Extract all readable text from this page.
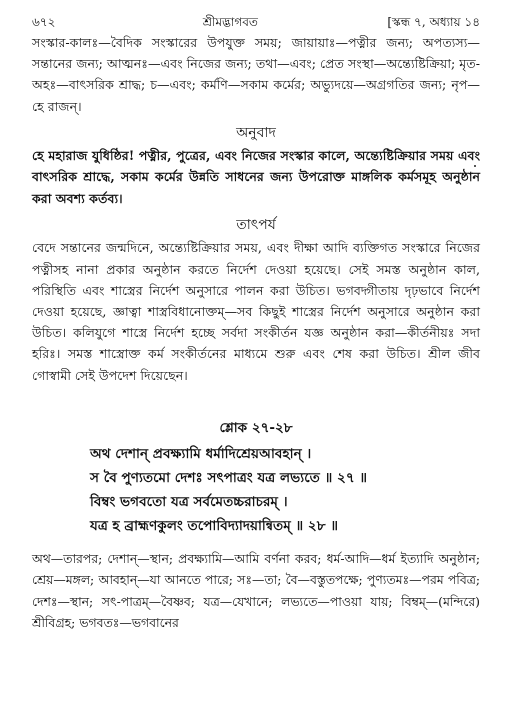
৬৭২	শ্রীমদ্ভাগবত	[স্কন্ধ ৭, অধ্যায় ১৪

সংস্কার-কালঃ—বৈদিক সংস্কারের উপযুক্ত সময়; জায়ায়াঃ—পত্নীর জন্য; অপত্যস্য—সন্তানের জন্য; আত্মনঃ—এবং নিজের জন্য; তথা—এবং; প্রেত সংস্থা—অন্ত্যেষ্টিক্রিয়া; মৃত-অহঃ—বাৎসরিক শ্রাদ্ধ; চ—এবং; কর্মণি—সকাম কর্মের; অভ্যুদয়ে—অগ্রগতির জন্য; নৃপ—হে রাজন্।

অনুবাদ

হে মহারাজ যুধিষ্ঠির! পত্নীর, পুত্রের, এবং নিজের সংস্কার কালে, অন্ত্যেষ্টিক্রিয়ার সময় এবং বাৎসরিক শ্রাদ্ধে, সকাম কর্মের উন্নতি সাধনের জন্য উপরোক্ত মাঙ্গলিক কর্মসমূহ অনুষ্ঠান করা অবশ্য কর্তব্য।

তাৎপর্য

বেদে সন্তানের জন্মদিনে, অন্ত্যেষ্টিক্রিয়ার সময়, এবং দীক্ষা আদি ব্যক্তিগত সংস্কারে নিজের পত্নীসহ নানা প্রকার অনুষ্ঠান করতে নির্দেশ দেওয়া হয়েছে। সেই সমস্ত অনুষ্ঠান কাল, পরিস্থিতি এবং শাস্ত্রের নির্দেশ অনুসারে পালন করা উচিত। ভগবদ্গীতায় দৃঢ়ভাবে নির্দেশ দেওয়া হয়েছে, জ্ঞাত্বা শাস্ত্রবিধানোক্তম্—সব কিছুই শাস্ত্রের নির্দেশ অনুসারে অনুষ্ঠান করা উচিত। কলিযুগে শাস্ত্রে নির্দেশ হচ্ছে সর্বদা সংকীর্তন যজ্ঞ অনুষ্ঠান করা—কীর্তনীয়ঃ সদা হরিঃ। সমস্ত শাস্ত্রোক্ত কর্ম সংকীর্তনের মাধ্যমে শুরু এবং শেষ করা উচিত। শ্রীল জীব গোস্বামী সেই উপদেশ দিয়েছেন।

শ্লোক ২৭-২৮
অথ দেশান্ প্রবক্ষ্যামি ধর্মাদিশ্রেয়আবহান্ ।
স বৈ পুণ্যতমো দেশঃ সৎপাত্রং যত্র লভ্যতে ॥ ২৭ ॥
বিম্বং ভগবতো যত্র সর্বমেতচ্চরাচরম্ ।
যত্র হ ব্রাহ্মণকুলং তপোবিদ্যাদয়ান্বিতম্ ॥ ২৮ ॥

অথ—তারপর; দেশান্—স্থান; প্রবক্ষ্যামি—আমি বর্ণনা করব; ধর্ম-আদি—ধর্ম ইত্যাদি অনুষ্ঠান; শ্রেয়—মঙ্গল; আবহান্—যা আনতে পারে; সঃ—তা; বৈ—বস্তুতপক্ষে; পুণ্যতমঃ—পরম পবিত্র; দেশঃ—স্থান; সৎ-পাত্রম্—বৈষ্ণব; যত্র—যেখানে; লভ্যতে—পাওয়া যায়; বিম্বম্—(মন্দিরে) শ্রীবিগ্রহ; ভগবতঃ—ভগবানের
